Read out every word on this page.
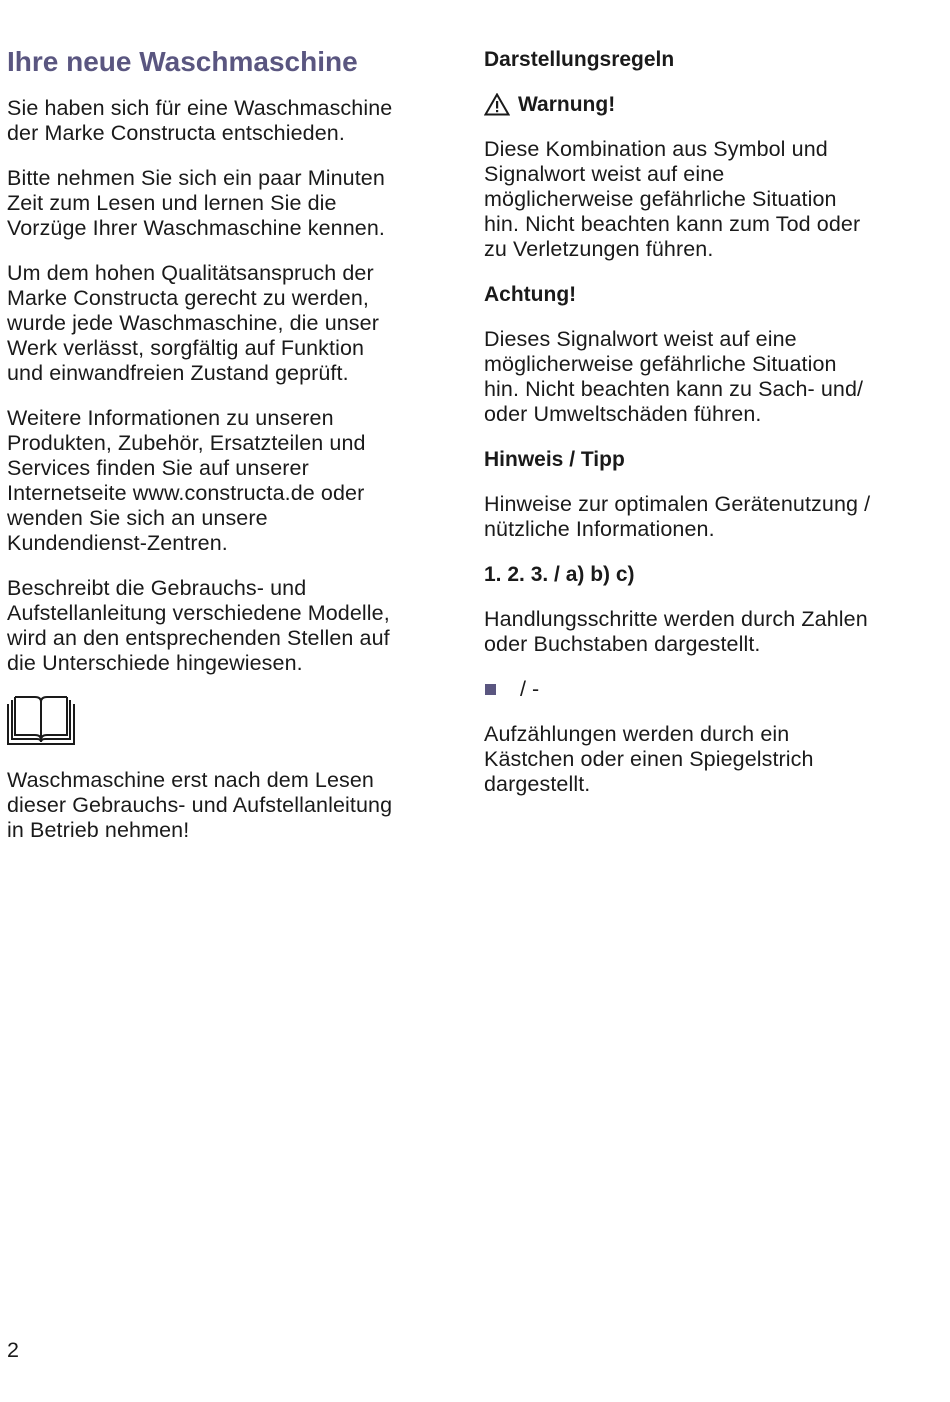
Ihre neue Waschmaschine

Sie haben sich für eine Waschmaschine
der Marke Constructa entschieden.

Bitte nehmen Sie sich ein paar Minuten
Zeit zum Lesen und lernen Sie die
Vorzüge Ihrer Waschmaschine kennen.

Um dem hohen Qualitätsanspruch der
Marke Constructa gerecht zu werden,
wurde jede Waschmaschine, die unser
Werk verlässt, sorgfältig auf Funktion
und einwandfreien Zustand geprüft.

Weitere Informationen zu unseren
Produkten, Zubehör, Ersatzteilen und
Services finden Sie auf unserer
Internetseite www.constructa.de oder
wenden Sie sich an unsere
Kundendienst-Zentren.

Beschreibt die Gebrauchs- und
Aufstellanleitung verschiedene Modelle,
wird an den entsprechenden Stellen auf
die Unterschiede hingewiesen.

Waschmaschine erst nach dem Lesen
dieser Gebrauchs- und Aufstellanleitung
in Betrieb nehmen!

Darstellungsregeln
Warnung!

Diese Kombination aus Symbol und
Signalwort weist auf eine
möglicherweise gefährliche Situation
hin. Nicht beachten kann zum Tod oder
zu Verletzungen führen.

Achtung!

Dieses Signalwort weist auf eine
möglicherweise gefährliche Situation
hin. Nicht beachten kann zu Sach- und/
oder Umweltschäden führen.

Hinweis / Tipp

Hinweise zur optimalen Gerätenutzung /
nützliche Informationen.

1. 2. 3. / a) b) c)

Handlungsschritte werden durch Zahlen
oder Buchstaben dargestellt.

/ -

Aufzählungen werden durch ein
Kästchen oder einen Spiegelstrich
dargestellt.

2
